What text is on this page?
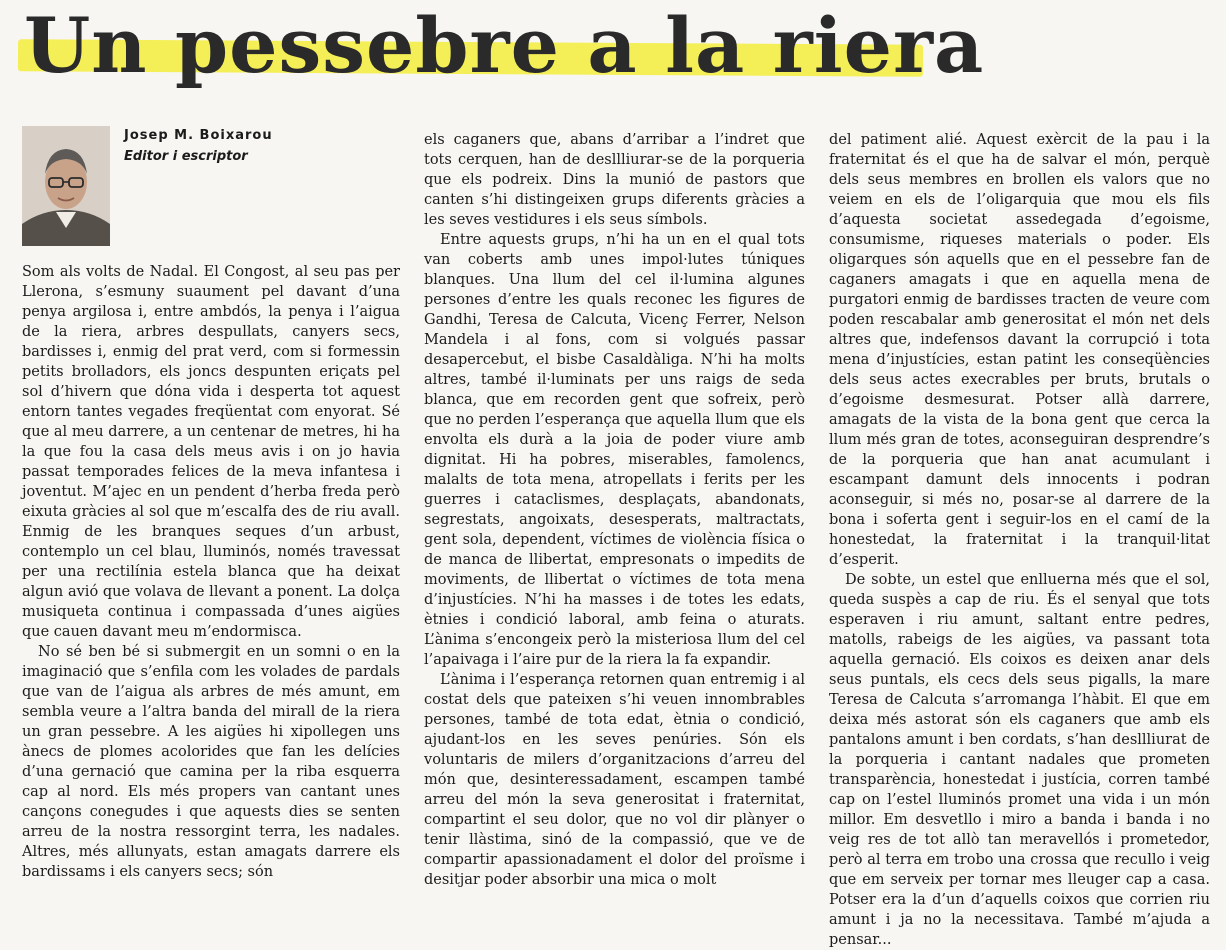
Un pessebre a la riera
Josep M. Boixarou
Editor i escriptor

Som als volts de Nadal. El Congost, al seu pas per Llerona, s’esmuny suaument pel davant d’una penya argilosa i, entre ambdós, la penya i l’aigua de la riera, arbres despullats, canyers secs, bardisses i, enmig del prat verd, com si formessin petits brolladors, els joncs despunten eriçats pel sol d’hivern que dóna vida i desperta tot aquest entorn tantes vegades freqüentat com enyorat. Sé que al meu darrere, a un centenar de metres, hi ha la que fou la casa dels meus avis i on jo havia passat temporades felices de la meva infantesa i joventut. M’ajec en un pendent d’herba freda però eixuta gràcies al sol que m’escalfa des de riu avall. Enmig de les branques seques d’un arbust, contemplo un cel blau, lluminós, només travessat per una rectilínia estela blanca que ha deixat algun avió que volava de llevant a ponent. La dolça musiqueta continua i compassada d’unes aigües que cauen davant meu m’endormisca.

No sé ben bé si submergit en un somni o en la imaginació que s’enfila com les volades de pardals que van de l’aigua als arbres de més amunt, em sembla veure a l’altra banda del mirall de la riera un gran pessebre. A les aigües hi xipollegen uns ànecs de plomes acolorides que fan les delícies d’una gernació que camina per la riba esquerra cap al nord. Els més propers van cantant unes cançons conegudes i que aquests dies se senten arreu de la nostra ressorgint terra, les nadales. Altres, més allunyats, estan amagats darrere els bardissams i els canyers secs; són

els caganers que, abans d’arribar a l’indret que tots cerquen, han de desllliurar-se de la porqueria que els podreix. Dins la munió de pastors que canten s’hi distingeixen grups diferents gràcies a les seves vestidures i els seus símbols.

Entre aquests grups, n’hi ha un en el qual tots van coberts amb unes impol·lutes túniques blanques. Una llum del cel il·lumina algunes persones d’entre les quals reconec les figures de Gandhi, Teresa de Calcuta, Vicenç Ferrer, Nelson Mandela i al fons, com si volgués passar desapercebut, el bisbe Casaldàliga. N’hi ha molts altres, també il·luminats per uns raigs de seda blanca, que em recorden gent que sofreix, però que no perden l’esperança que aquella llum que els envolta els durà a la joia de poder viure amb dignitat. Hi ha pobres, miserables, famolencs, malalts de tota mena, atropellats i ferits per les guerres i cataclismes, desplaçats, abandonats, segrestats, angoixats, desesperats, maltractats, gent sola, dependent, víctimes de violència física o de manca de llibertat, empresonats o impedits de moviments, de llibertat o víctimes de tota mena d’injustícies. N’hi ha masses i de totes les edats, ètnies i condició laboral, amb feina o aturats. L’ànima s’encongeix però la misteriosa llum del cel l’apaivaga i l’aire pur de la riera la fa expandir.

L’ànima i l’esperança retornen quan entremig i al costat dels que pateixen s’hi veuen innombrables persones, també de tota edat, ètnia o condició, ajudant-los en les seves penúries. Són els voluntaris de milers d’organitzacions d’arreu del món que, desinteressadament, escampen també arreu del món la seva generositat i fraternitat, compartint el seu dolor, que no vol dir plànyer o tenir llàstima, sinó de la compassió, que ve de compartir apassionadament el dolor del proïsme i desitjar poder absorbir una mica o molt

del patiment alié. Aquest exèrcit de la pau i la fraternitat és el que ha de salvar el món, perquè dels seus membres en brollen els valors que no veiem en els de l’oligarquia que mou els fils d’aquesta societat assedegada d’egoisme, consumisme, riqueses materials o poder. Els oligarques són aquells que en el pessebre fan de caganers amagats i que en aquella mena de purgatori enmig de bardisses tracten de veure com poden rescabalar amb generositat el món net dels altres que, indefensos davant la corrupció i tota mena d’injustícies, estan patint les conseqüències dels seus actes execrables per bruts, brutals o d’egoisme desmesurat. Potser allà darrere, amagats de la vista de la bona gent que cerca la llum més gran de totes, aconseguiran desprendre’s de la porqueria que han anat acumulant i escampant damunt dels innocents i podran aconseguir, si més no, posar-se al darrere de la bona i soferta gent i seguir-los en el camí de la honestedat, la fraternitat i la tranquil·litat d’esperit.

De sobte, un estel que enlluerna més que el sol, queda suspès a cap de riu. És el senyal que tots esperaven i riu amunt, saltant entre pedres, matolls, rabeigs de les aigües, va passant tota aquella gernació. Els coixos es deixen anar dels seus puntals, els cecs dels seus pigalls, la mare Teresa de Calcuta s’arromanga l’hàbit. El que em deixa més astorat són els caganers que amb els pantalons amunt i ben cordats, s’han desllliurat de la porqueria i cantant nadales que prometen transparència, honestedat i justícia, corren també cap on l’estel lluminós promet una vida i un món millor. Em desvetllo i miro a banda i banda i no veig res de tot allò tan meravellós i prometedor, però al terra em trobo una crossa que recullo i veig que em serveix per tornar mes lleuger cap a casa. Potser era la d’un d’aquells coixos que corrien riu amunt i ja no la necessitava. També m’ajuda a pensar...
